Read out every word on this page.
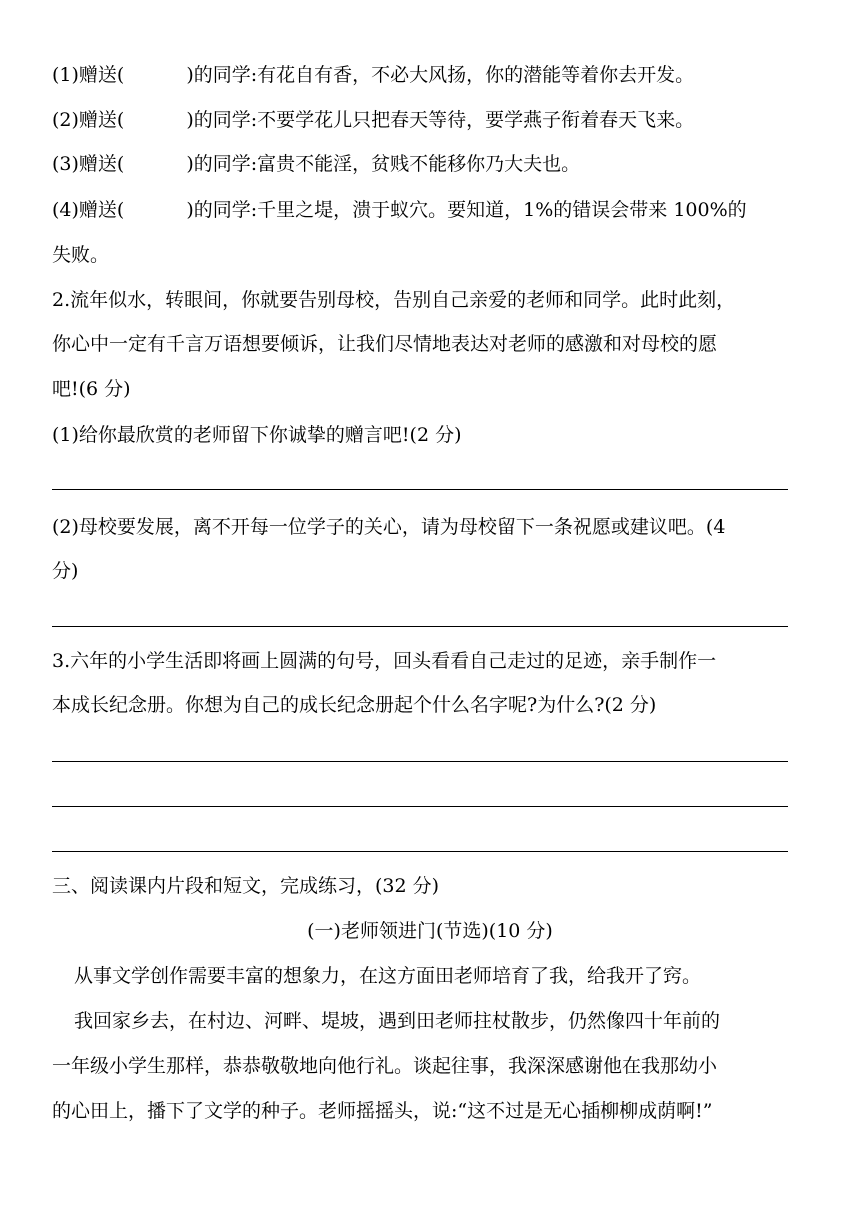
(1)赠送(	)的同学:有花自有香，不必大风扬，你的潜能等着你去开发。
(2)赠送(	)的同学:不要学花儿只把春天等待，要学燕子衔着春天飞来。
(3)赠送(	)的同学:富贵不能淫，贫贱不能移你乃大夫也。
(4)赠送(	)的同学:千里之堤，溃于蚁穴。要知道，1%的错误会带来 100%的
失败。
2.流年似水，转眼间，你就要告别母校，告别自己亲爱的老师和同学。此时此刻，
你心中一定有千言万语想要倾诉，让我们尽情地表达对老师的感激和对母校的愿
吧!(6 分)
(1)给你最欣赏的老师留下你诚挚的赠言吧!(2 分)
(2)母校要发展，离不开每一位学子的关心，请为母校留下一条祝愿或建议吧。(4
分)
3.六年的小学生活即将画上圆满的句号，回头看看自己走过的足迹，亲手制作一
本成长纪念册。你想为自己的成长纪念册起个什么名字呢?为什么?(2 分)
三、阅读课内片段和短文，完成练习，(32 分)
(一)老师领进门(节选)(10 分)
从事文学创作需要丰富的想象力，在这方面田老师培育了我，给我开了窍。
我回家乡去，在村边、河畔、堤坡，遇到田老师拄杖散步，仍然像四十年前的
一年级小学生那样，恭恭敬敬地向他行礼。谈起往事，我深深感谢他在我那幼小
的心田上，播下了文学的种子。老师摇摇头，说:“这不过是无心插柳柳成荫啊!”
